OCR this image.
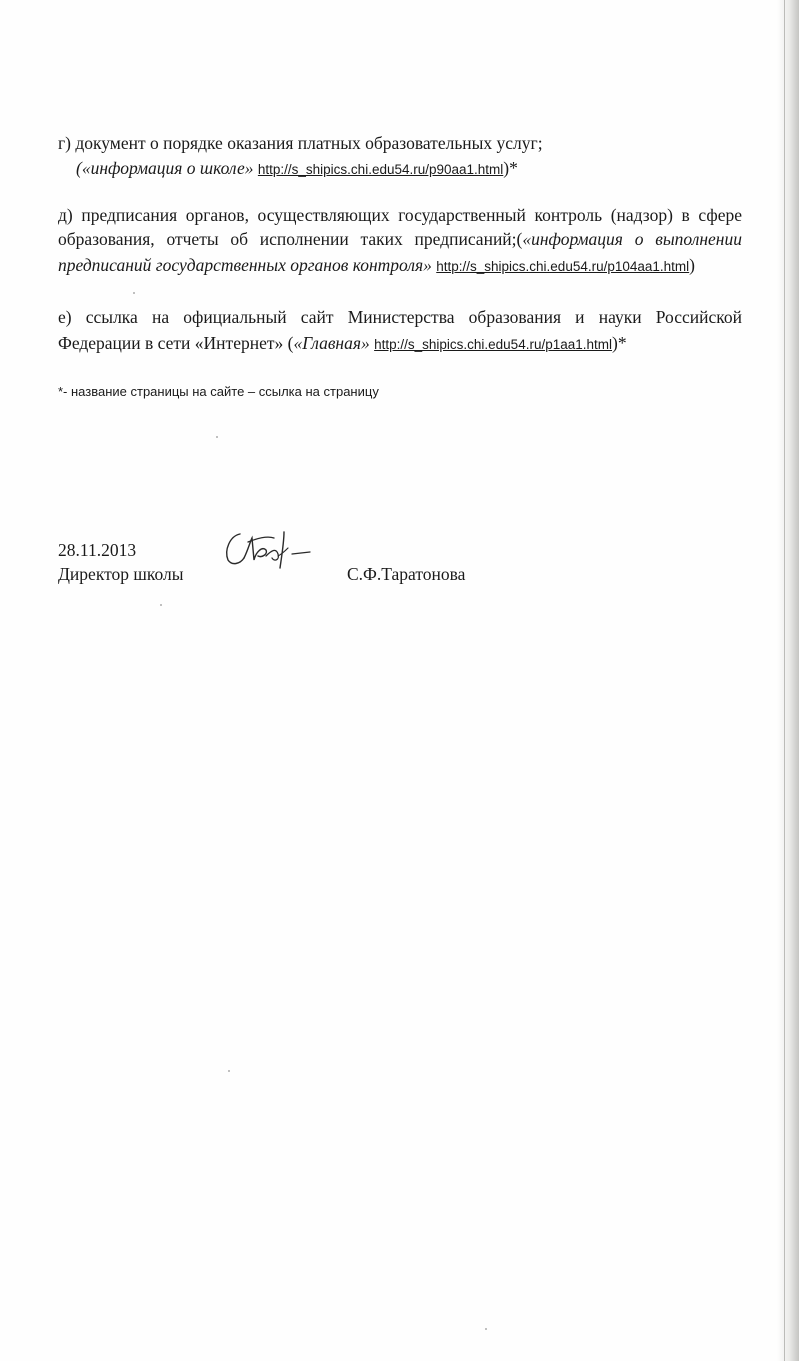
г) документ о порядке оказания платных образовательных услуг;
(«информация о школе» http://s_shipics.chi.edu54.ru/p90aa1.html)*
д) предписания органов, осуществляющих государственный контроль (надзор) в сфере
образования, отчеты об исполнении таких предписаний;(«информация о выполнении
предписаний государственных органов контроля» http://s_shipics.chi.edu54.ru/p104aa1.html)
е) ссылка на официальный сайт Министерства образования и науки Российской
Федерации в сети «Интернет» («Главная» http://s_shipics.chi.edu54.ru/p1aa1.html)*
*- название страницы на сайте – ссылка на страницу
28.11.2013
Директор школы	С.Ф.Таратонова
